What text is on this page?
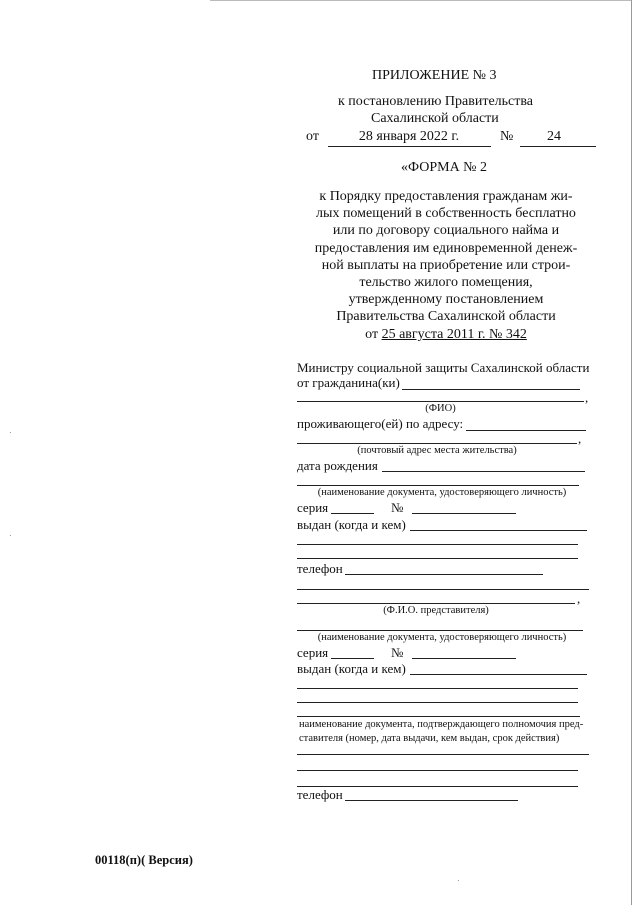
ПРИЛОЖЕНИЕ № 3
к постановлению Правительства
Сахалинской области
от	28 января 2022 г.	№	24
«ФОРМА № 2
к Порядку предоставления гражданам жи-
лых помещений в собственность бесплатно
или по договору социального найма и
предоставления им единовременной денеж-
ной выплаты на приобретение или строи-
тельство жилого помещения,
утвержденному постановлением
Правительства Сахалинской области
от 25 августа 2011 г. № 342
Министру социальной защиты Сахалинской области
от гражданина(ки)
,
(ФИО)
проживающего(ей) по адресу:
,
(почтовый адрес места жительства)
дата рождения
(наименование документа, удостоверяющего личность)
серия	№
выдан (когда и кем)
телефон
,
(Ф.И.О. представителя)
(наименование документа, удостоверяющего личность)
серия	№
выдан (когда и кем)
наименование документа, подтверждающего полномочия пред-
ставителя (номер, дата выдачи, кем выдан, срок действия)
телефон
00118(п)( Версия)
